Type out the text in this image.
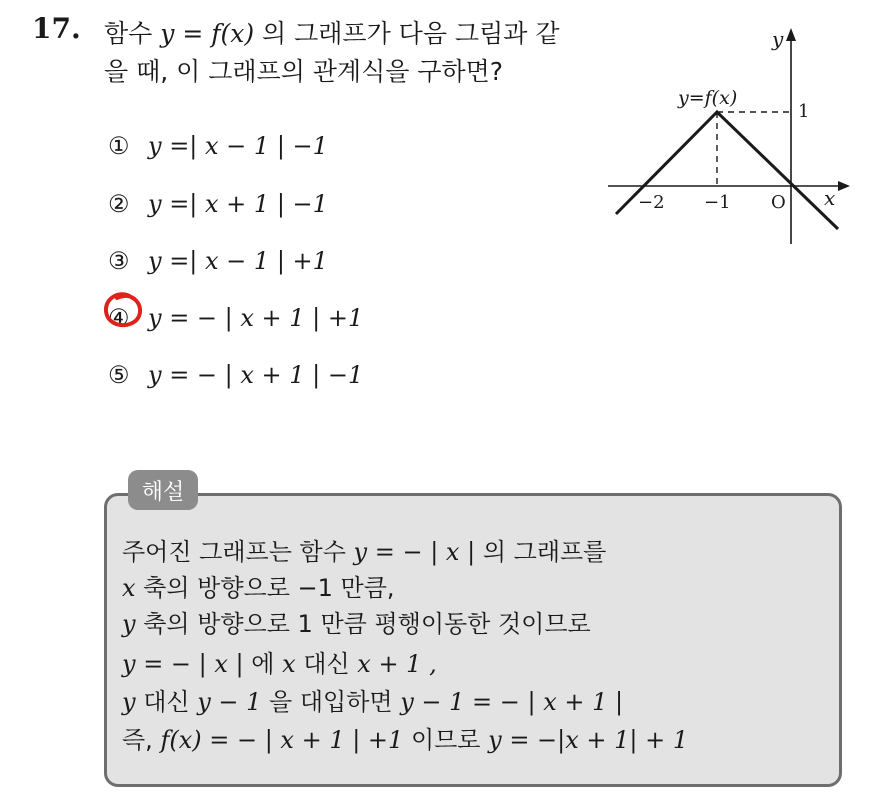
17. 함수 y = f(x) 의 그래프가 다음 그림과 같
을 때, 이 그래프의 관계식을 구하면?
① y =| x − 1 | −1
② y =| x + 1 | −1
③ y =| x − 1 | +1
④ y = − | x + 1 | +1
⑤ y = − | x + 1 | −1
y=f(x)
1
y
x
−2 −1 O
해설
주어진 그래프는 함수 y = − | x | 의 그래프를
x 축의 방향으로 −1 만큼,
y 축의 방향으로 1 만큼 평행이동한 것이므로
y = − | x | 에 x 대신 x + 1 ,
y 대신 y − 1 을 대입하면 y − 1 = − | x + 1 |
즉, f(x) = − | x + 1 | +1 이므로 y = −|x + 1| + 1
